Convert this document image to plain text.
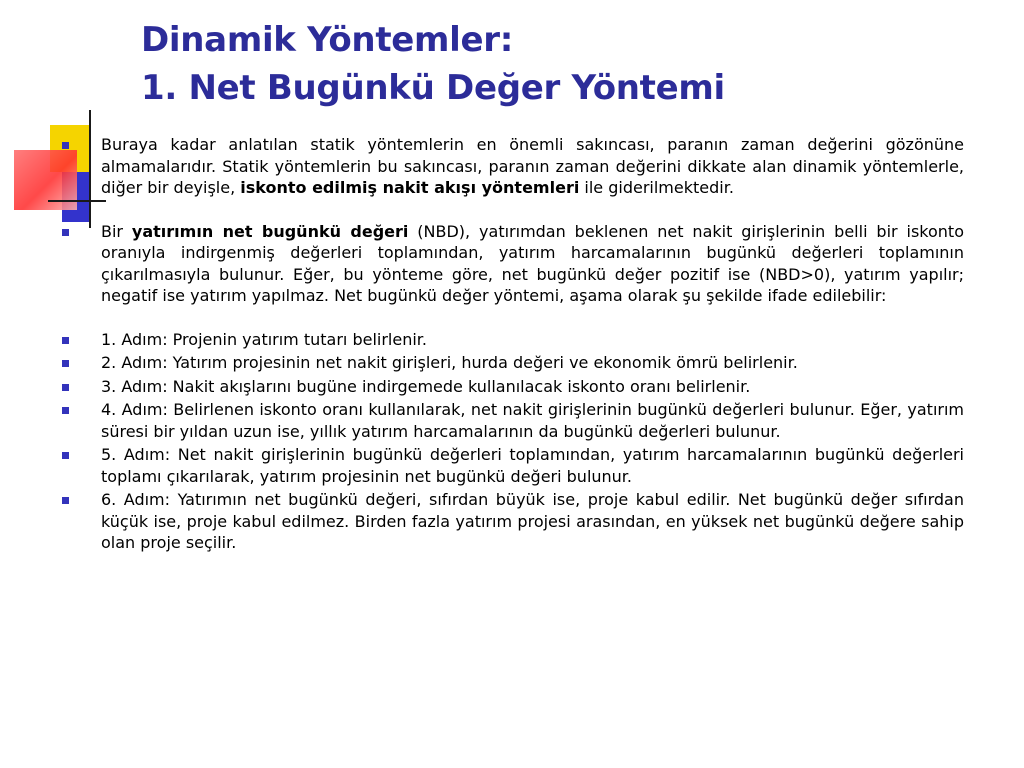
Dinamik Yöntemler:
1. Net Bugünkü Değer Yöntemi
Buraya kadar anlatılan statik yöntemlerin en önemli sakıncası, paranın zaman değerini gözönüne almamalarıdır. Statik yöntemlerin bu sakıncası, paranın zaman değerini dikkate alan dinamik yöntemlerle, diğer bir deyişle, iskonto edilmiş nakit akışı yöntemleri ile giderilmektedir.
Bir yatırımın net bugünkü değeri (NBD), yatırımdan beklenen net nakit girişlerinin belli bir iskonto oranıyla indirgenmiş değerleri toplamından, yatırım harcamalarının bugünkü değerleri toplamının çıkarılmasıyla bulunur. Eğer, bu yönteme göre, net bugünkü değer pozitif ise (NBD>0), yatırım yapılır; negatif ise yatırım yapılmaz. Net bugünkü değer yöntemi, aşama olarak şu şekilde ifade edilebilir:
1. Adım: Projenin yatırım tutarı belirlenir.
2. Adım: Yatırım projesinin net nakit girişleri, hurda değeri ve ekonomik ömrü belirlenir.
3. Adım: Nakit akışlarını bugüne indirgemede kullanılacak iskonto oranı belirlenir.
4. Adım: Belirlenen iskonto oranı kullanılarak, net nakit girişlerinin bugünkü değerleri bulunur. Eğer, yatırım süresi bir yıldan uzun ise, yıllık yatırım harcamalarının da bugünkü değerleri bulunur.
5. Adım: Net nakit girişlerinin bugünkü değerleri toplamından, yatırım harcamalarının bugünkü değerleri toplamı çıkarılarak, yatırım projesinin net bugünkü değeri bulunur.
6. Adım: Yatırımın net bugünkü değeri, sıfırdan büyük ise, proje kabul edilir. Net bugünkü değer sıfırdan küçük ise, proje kabul edilmez. Birden fazla yatırım projesi arasından, en yüksek net bugünkü değere sahip olan proje seçilir.
